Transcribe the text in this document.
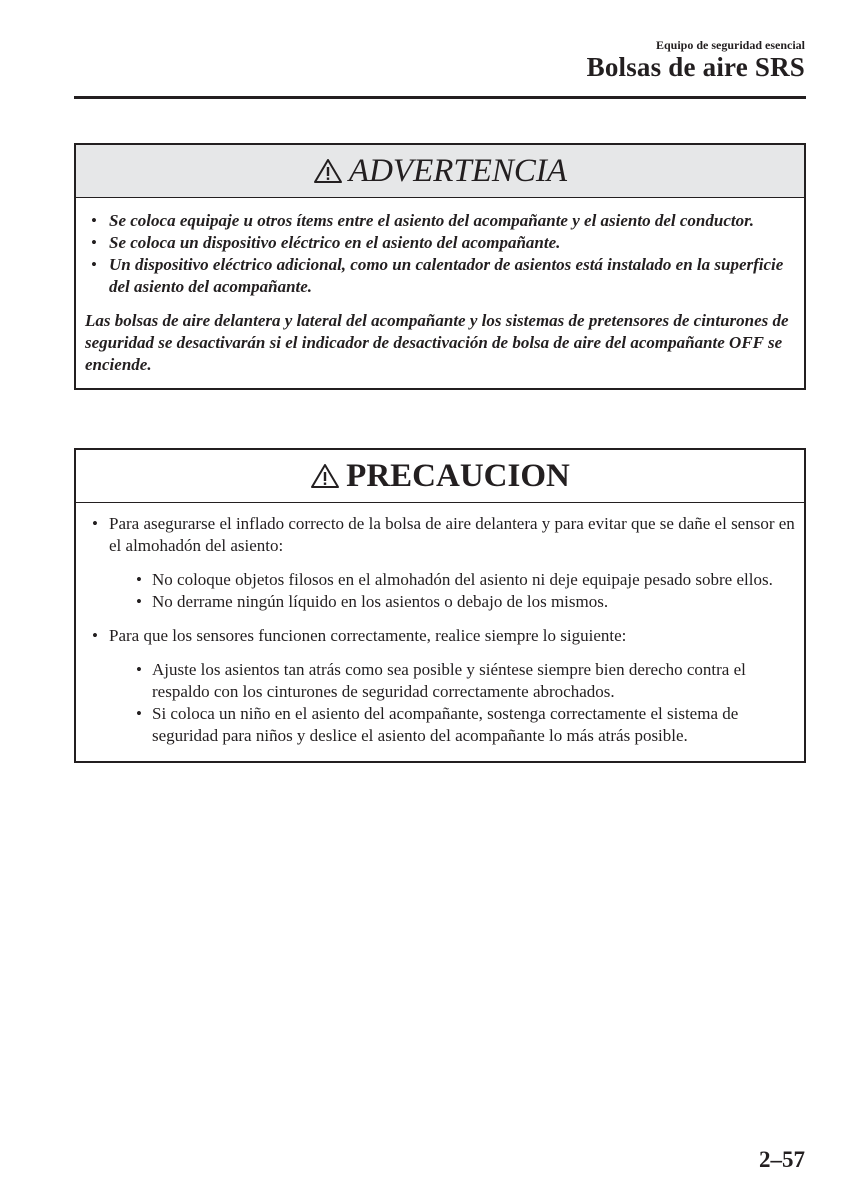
Equipo de seguridad esencial
Bolsas de aire SRS
ADVERTENCIA
• Se coloca equipaje u otros ítems entre el asiento del acompañante y el asiento del conductor.
• Se coloca un dispositivo eléctrico en el asiento del acompañante.
• Un dispositivo eléctrico adicional, como un calentador de asientos está instalado en la superficie del asiento del acompañante.
Las bolsas de aire delantera y lateral del acompañante y los sistemas de pretensores de cinturones de seguridad se desactivarán si el indicador de desactivación de bolsa de aire del acompañante OFF se enciende.
PRECAUCION
• Para asegurarse el inflado correcto de la bolsa de aire delantera y para evitar que se dañe el sensor en el almohadón del asiento:
• No coloque objetos filosos en el almohadón del asiento ni deje equipaje pesado sobre ellos.
• No derrame ningún líquido en los asientos o debajo de los mismos.
• Para que los sensores funcionen correctamente, realice siempre lo siguiente:
• Ajuste los asientos tan atrás como sea posible y siéntese siempre bien derecho contra el respaldo con los cinturones de seguridad correctamente abrochados.
• Si coloca un niño en el asiento del acompañante, sostenga correctamente el sistema de seguridad para niños y deslice el asiento del acompañante lo más atrás posible.
2–57
